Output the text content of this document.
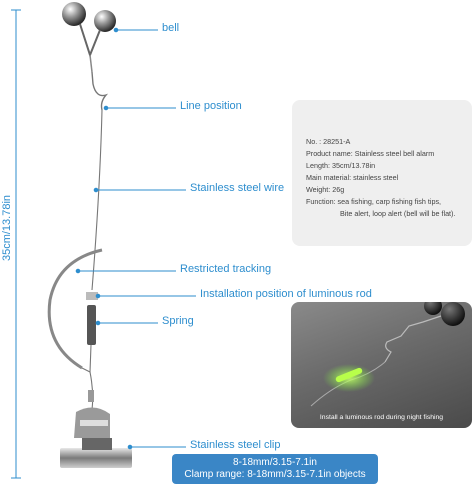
35cm/13.78in
bell
Line position
Stainless steel wire
Restricted tracking
Installation position of luminous rod
Spring
Stainless steel clip
No. : 28251-A
Product name: Stainless steel bell alarm
Length: 35cm/13.78in
Main material: stainless steel
Weight: 26g
Function: sea fishing, carp fishing fish tips,
Bite alert, loop alert (bell will be flat).
Install a luminous rod during night fishing
8-18mm/3.15-7.1in
Clamp range: 8-18mm/3.15-7.1in objects
